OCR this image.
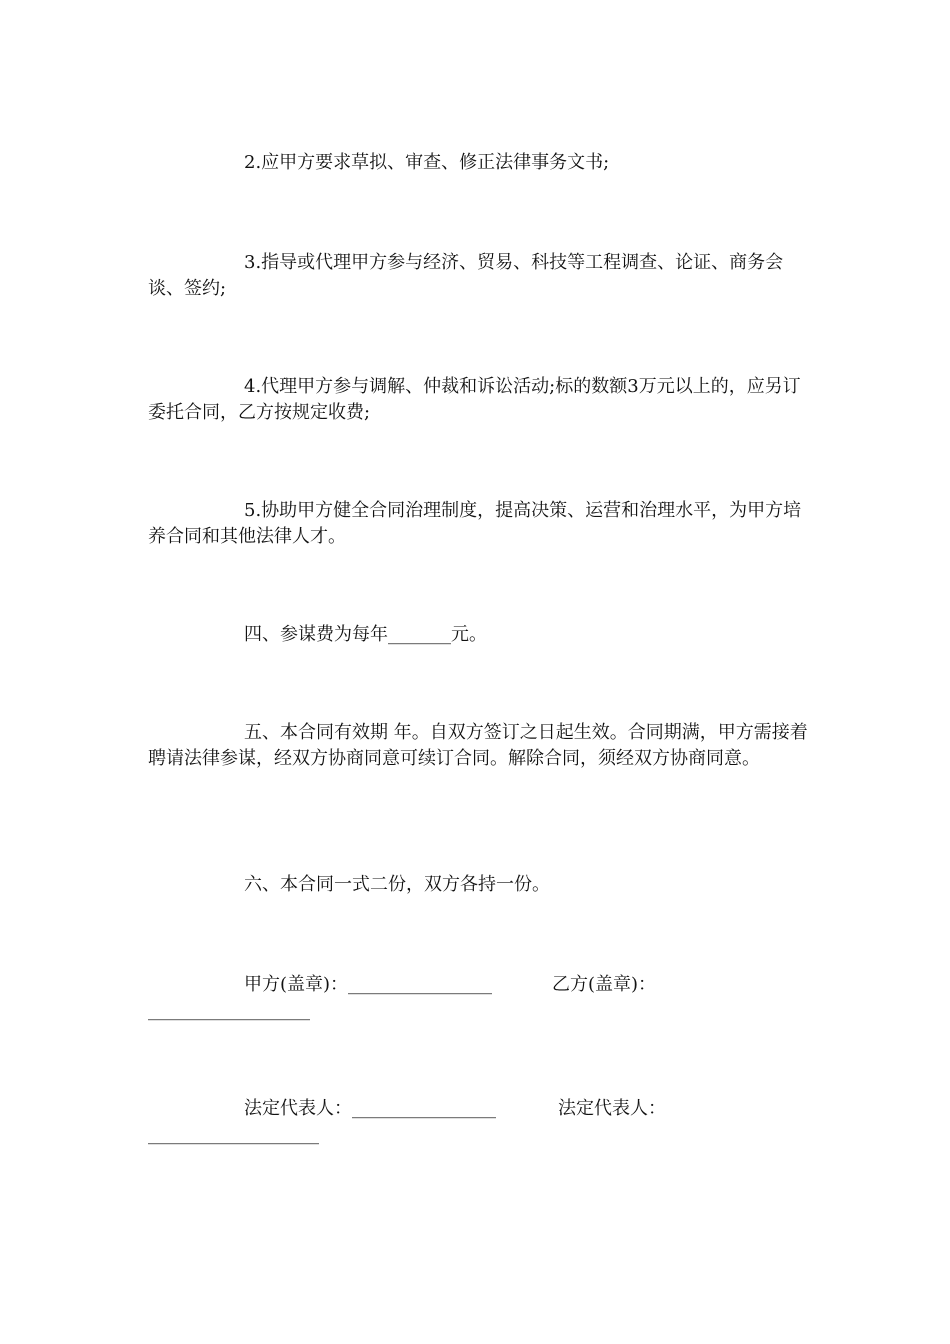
2.应甲方要求草拟、审查、修正法律事务文书;

3.指导或代理甲方参与经济、贸易、科技等工程调查、论证、商务会谈、签约;

4.代理甲方参与调解、仲裁和诉讼活动;标的数额3万元以上的，应另订委托合同，乙方按规定收费;

5.协助甲方健全合同治理制度，提高决策、运营和治理水平，为甲方培养合同和其他法律人才。

四、参谋费为每年_______元。

五、本合同有效期 年。自双方签订之日起生效。合同期满，甲方需接着聘请法律参谋，经双方协商同意可续订合同。解除合同，须经双方协商同意。

六、本合同一式二份，双方各持一份。

甲方(盖章)：________________	乙方(盖章)：
__________________
法定代表人：________________	法定代表人：
___________________
